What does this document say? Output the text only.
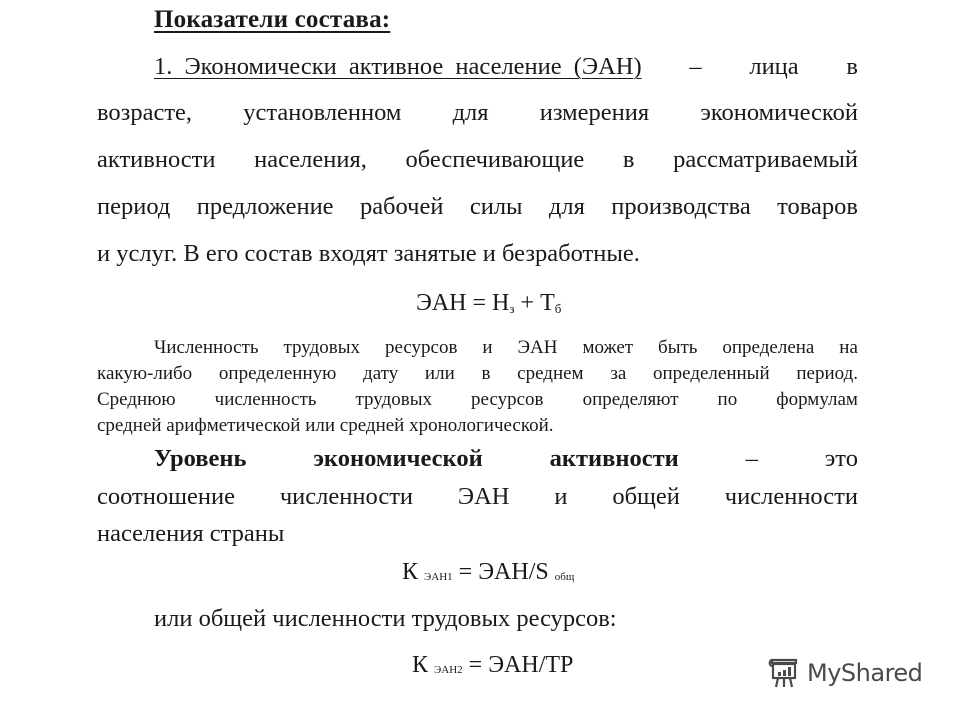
Показатели состава:
1. Экономически активное население (ЭАН) – лица в
возрасте, установленном для измерения экономической
активности населения, обеспечивающие в рассматриваемый
период предложение рабочей силы для производства товаров
и услуг. В его состав входят занятые и безработные.
ЭАН = $Н_з + Т_б$
Численность трудовых ресурсов и ЭАН может быть определена на
какую-либо определенную дату или в среднем за определенный период.
Среднюю численность трудовых ресурсов определяют по формулам
средней арифметической или средней хронологической.
Уровень	экономической	активности	–	это
соотношение численности ЭАН и общей численности
населения страны
К ЭАН1 = ЭАН/S общ
или общей численности трудовых ресурсов:
К ЭАН2 = ЭАН/ТР	MyShared
